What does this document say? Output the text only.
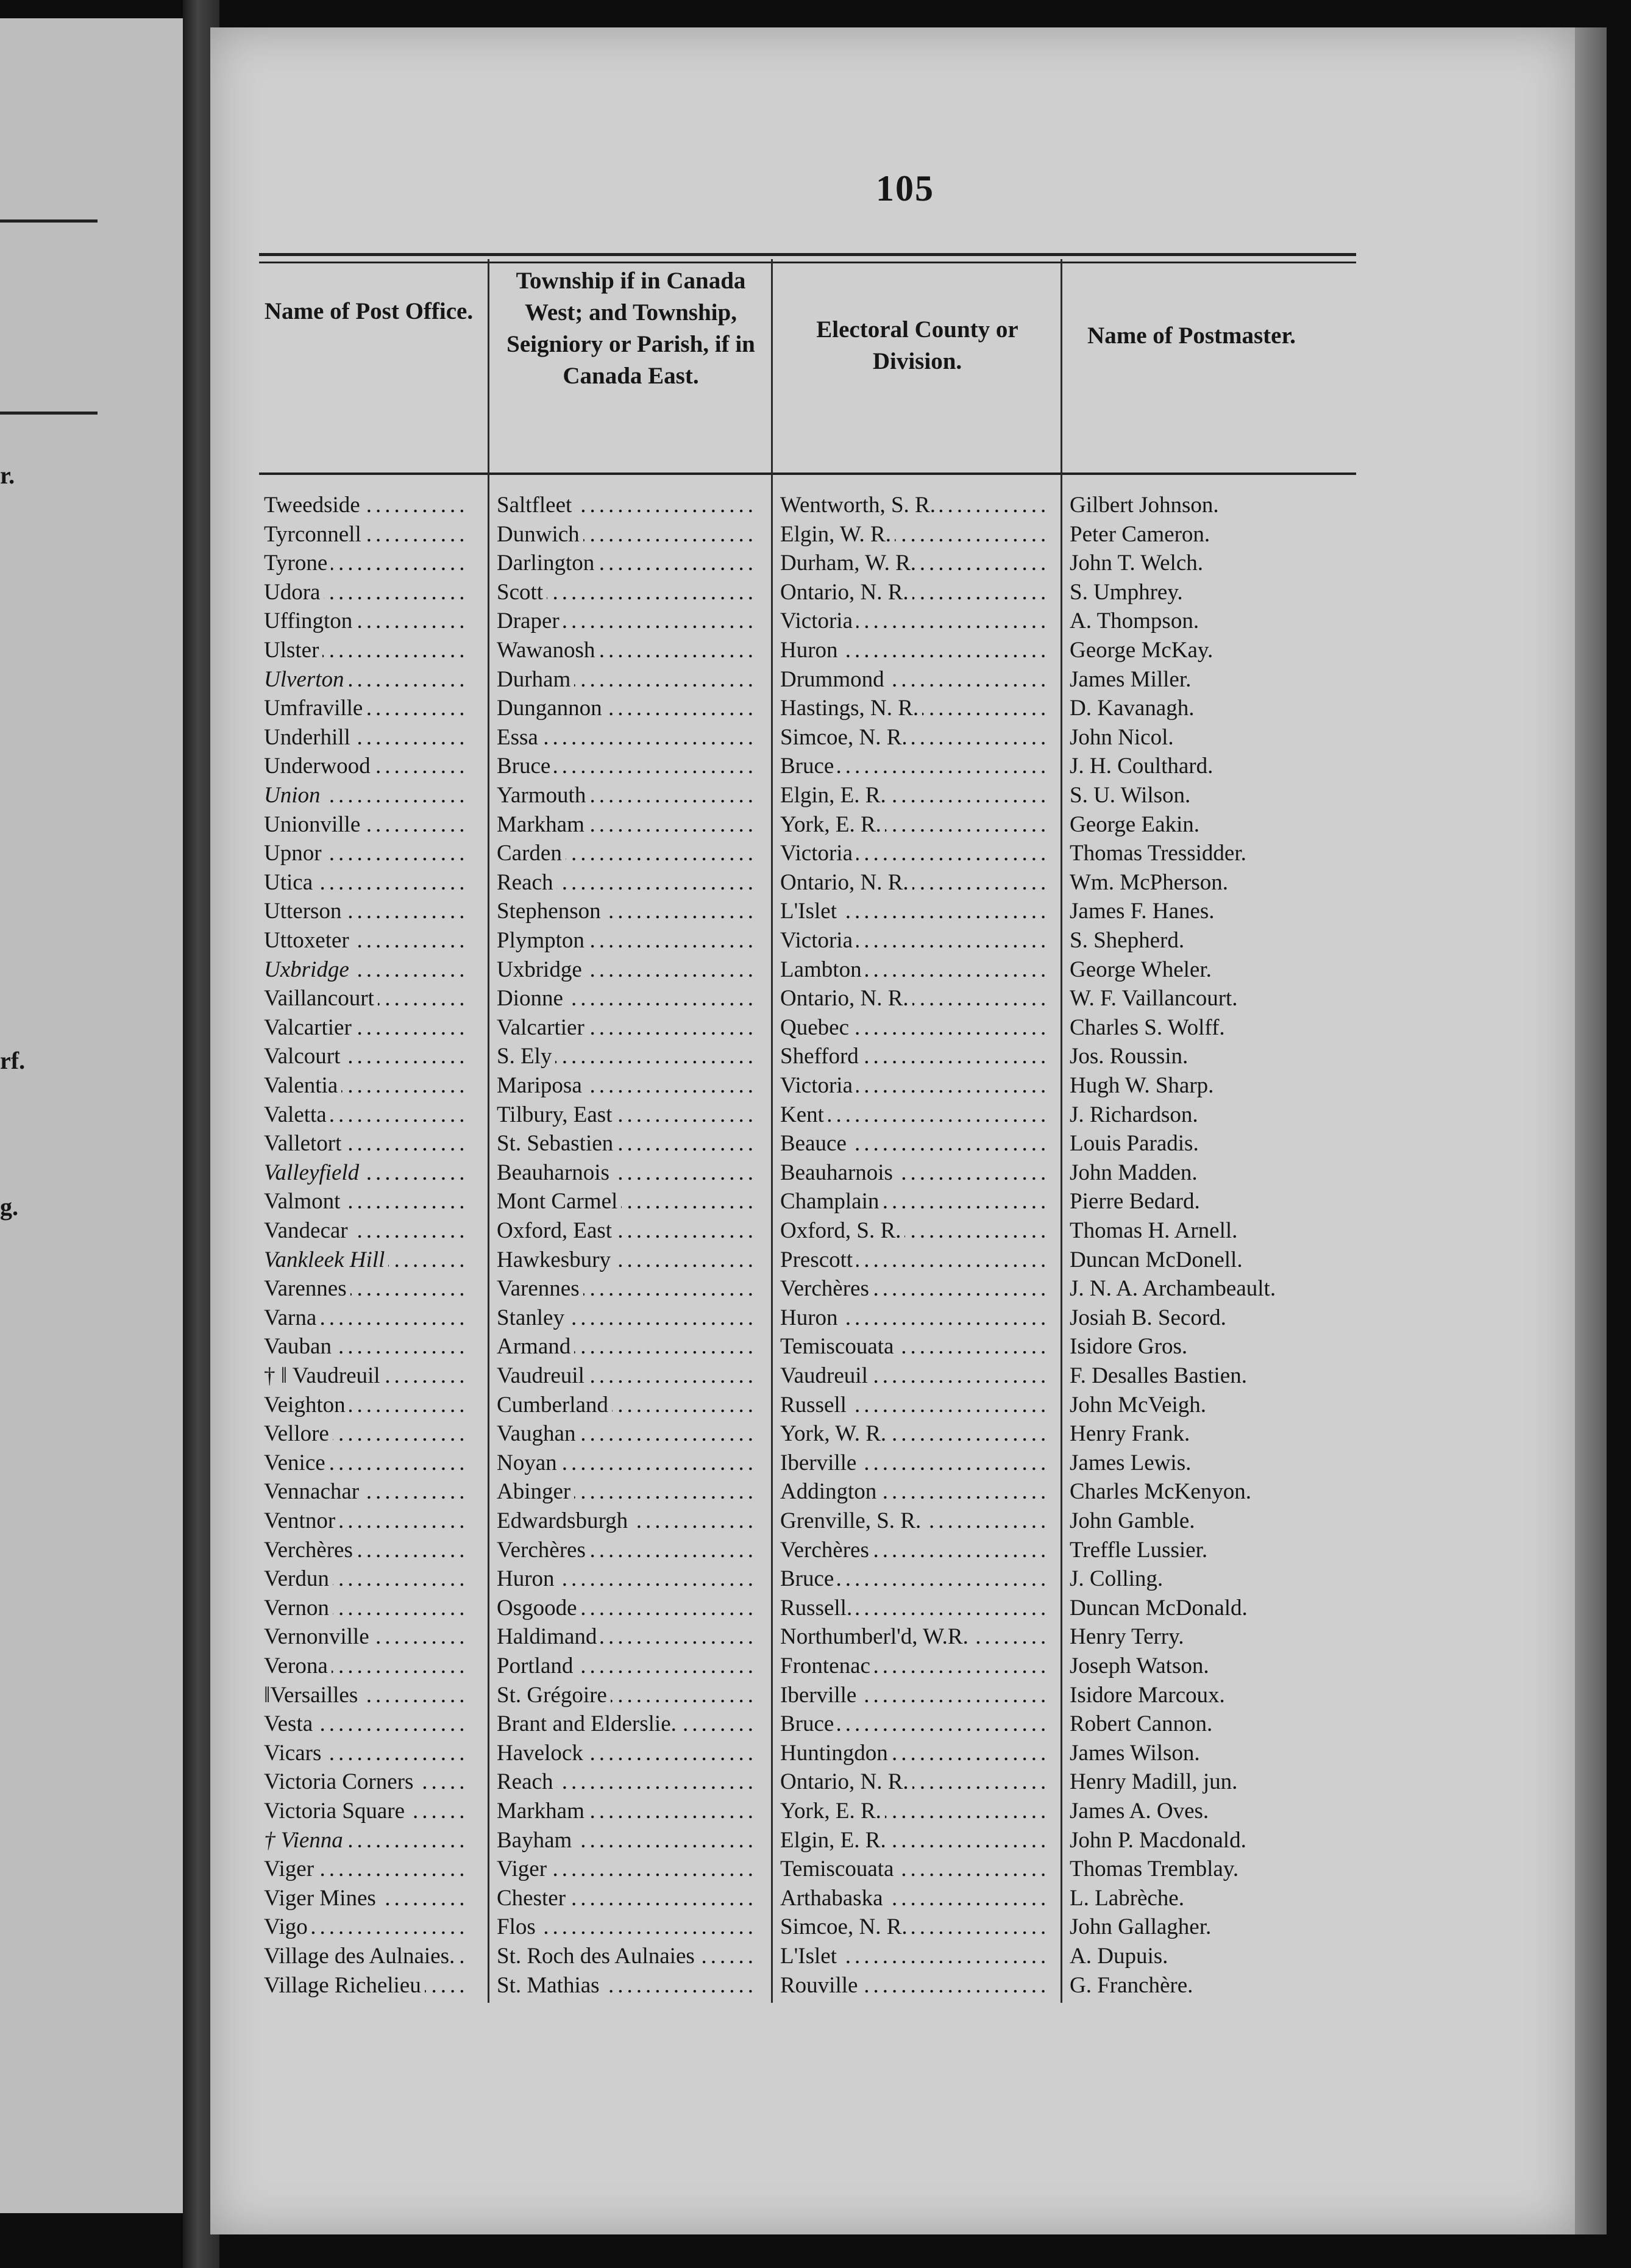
r.
rf.
g.
105
Name of Post Office.
Township if in Canada West; and Township, Seigniory or Parish, if in Canada East.
Electoral County or Division.
Name of Postmaster.
.....
Tweedside .....	Saltfleet .....	Wentworth, S. R.	Gilbert Johnson.
.....
Tyrconnell .....	Dunwich .....	Elgin, W. R.	Peter Cameron.
.....
Tyrone .....	Darlington .....	Durham, W. R.	John T. Welch.
.....
Udora .....	Scott .....	Ontario, N. R.	S. Umphrey.
.....
Uffington .....	Draper .....	Victoria	A. Thompson.
.....
Ulster .....	Wawanosh .....	Huron	George McKay.
.....
Ulverton .....	Durham .....	Drummond	James Miller.
.....
Umfraville .....	Dungannon .....	Hastings, N. R.	D. Kavanagh.
.....
Underhill .....	Essa .....	Simcoe, N. R.	John Nicol.
.....
Underwood .....	Bruce .....	Bruce	J. H. Coulthard.
.....
Union .....	Yarmouth .....	Elgin, E. R.	S. U. Wilson.
.....
Unionville .....	Markham .....	York, E. R.	George Eakin.
.....
Upnor .....	Carden .....	Victoria	Thomas Tressidder.
.....
Utica .....	Reach .....	Ontario, N. R.	Wm. McPherson.
.....
Utterson .....	Stephenson .....	L'Islet	James F. Hanes.
.....
Uttoxeter .....	Plympton .....	Victoria	S. Shepherd.
.....
Uxbridge .....	Uxbridge .....	Lambton	George Wheler.
.....
Vaillancourt .....	Dionne .....	Ontario, N. R.	W. F. Vaillancourt.
.....
Valcartier .....	Valcartier .....	Quebec	Charles S. Wolff.
.....
Valcourt .....	S. Ely .....	Shefford	Jos. Roussin.
.....
Valentia .....	Mariposa .....	Victoria	Hugh W. Sharp.
.....
Valetta .....	Tilbury, East .....	Kent	J. Richardson.
.....
Valletort .....	St. Sebastien .....	Beauce	Louis Paradis.
.....
Valleyfield .....	Beauharnois .....	Beauharnois	John Madden.
.....
Valmont .....	Mont Carmel .....	Champlain	Pierre Bedard.
.....
Vandecar .....	Oxford, East .....	Oxford, S. R.	Thomas H. Arnell.
.....
Vankleek Hill .....	Hawkesbury .....	Prescott	Duncan McDonell.
.....
Varennes .....	Varennes .....	Verchères	J. N. A. Archambeault.
.....
Varna .....	Stanley .....	Huron	Josiah B. Secord.
.....
Vauban .....	Armand .....	Temiscouata	Isidore Gros.
.....
† ‖ Vaudreuil .....	Vaudreuil .....	Vaudreuil	F. Desalles Bastien.
.....
Veighton .....	Cumberland .....	Russell	John McVeigh.
.....
Vellore .....	Vaughan .....	York, W. R.	Henry Frank.
.....
Venice .....	Noyan .....	Iberville	James Lewis.
.....
Vennachar .....	Abinger .....	Addington	Charles McKenyon.
.....
Ventnor .....	Edwardsburgh .....	Grenville, S. R.	John Gamble.
.....
Verchères .....	Verchères .....	Verchères	Treffle Lussier.
.....
Verdun .....	Huron .....	Bruce	J. Colling.
.....
Vernon .....	Osgoode .....	Russell.	Duncan McDonald.
.....
Vernonville .....	Haldimand .....	Northumberl'd, W.R.	Henry Terry.
.....
Verona .....	Portland .....	Frontenac	Joseph Watson.
.....
‖Versailles .....	St. Grégoire .....	Iberville	Isidore Marcoux.
.....
Vesta .....	Brant and Elderslie. .....	Bruce	Robert Cannon.
.....
Vicars .....	Havelock .....	Huntingdon	James Wilson.
.....
Victoria Corners .....	Reach .....	Ontario, N. R.	Henry Madill, jun.
.....
Victoria Square .....	Markham .....	York, E. R.	James A. Oves.
.....
† Vienna .....	Bayham .....	Elgin, E. R.	John P. Macdonald.
.....
Viger .....	Viger .....	Temiscouata	Thomas Tremblay.
.....
Viger Mines .....	Chester .....	Arthabaska	L. Labrèche.
.....
Vigo .....	Flos .....	Simcoe, N. R.	John Gallagher.
.....
Village des Aulnaies. .....	St. Roch des Aulnaies .....	L'Islet	A. Dupuis.
.....
Village Richelieu .....	St. Mathias .....	Rouville	G. Franchère.
